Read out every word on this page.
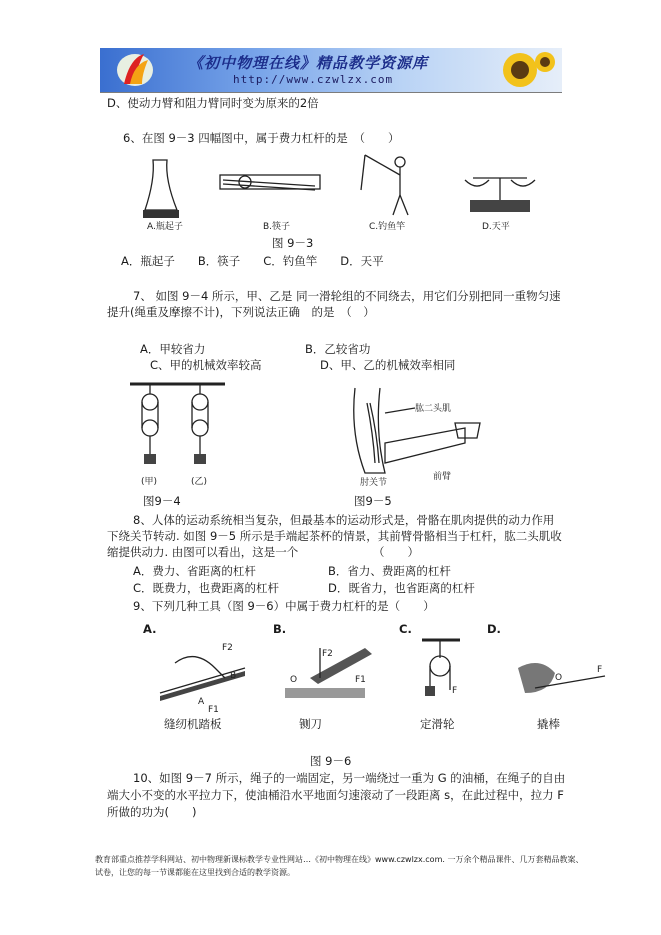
《初中物理在线》精品教学资源库
http://www.czwlzx.com
D、使动力臂和阻力臂同时变为原来的2倍
6、在图 9－3 四幅图中，属于费力杠杆的是　（　　）
A.瓶起子	B.筷子	C.钓鱼竿	D.天平
图 9－3
A．瓶起子　　B．筷子　　C．钓鱼竿　　D．天平
7、 如图 9－4 所示，甲、乙是 同一滑轮组的不同绕去，用它们分别把同一重物匀速
提升(绳重及摩擦不计)，下列说法正确　的是　（　）
A．甲较省力	B．乙较省功
C、甲的机械效率较高	D、甲、乙的机械效率相同
(甲)	(乙)
肱二头肌
肘关节
前臂
图9－4	图9－5
8、人体的运动系统相当复杂，但最基本的运动形式是，骨骼在肌肉提供的动力作用
下绕关节转动. 如图 9－5 所示是手端起茶杯的情景，其前臂骨骼相当于杠杆，肱二头肌收
缩提供动力. 由图可以看出，这是一个　　　　　　　（　　）
A．费力、省距离的杠杆	B．省力、费距离的杠杆
C．既费力，也费距离的杠杆	D．既省力，也省距离的杠杆
9、下列几种工具（图 9－6）中属于费力杠杆的是（　　）
A.	B.	C.	D.
F2
B
A
F1
F2
O	F1
F
O
F
缝纫机踏板	铡刀	定滑轮	撬棒
图 9－6
10、如图 9－7 所示，绳子的一端固定，另一端绕过一重为 G 的油桶，在绳子的自由
端大小不变的水平拉力下，使油桶沿水平地面匀速滚动了一段距离 s，在此过程中，拉力 F
所做的功为(　　)
教育部重点推荐学科网站、初中物理新课标教学专业性网站…《初中物理在线》www.czwlzx.com. 一万余个精品课件、几万套精品教案、试卷，让您的每一节课都能在这里找到合适的教学资源。
